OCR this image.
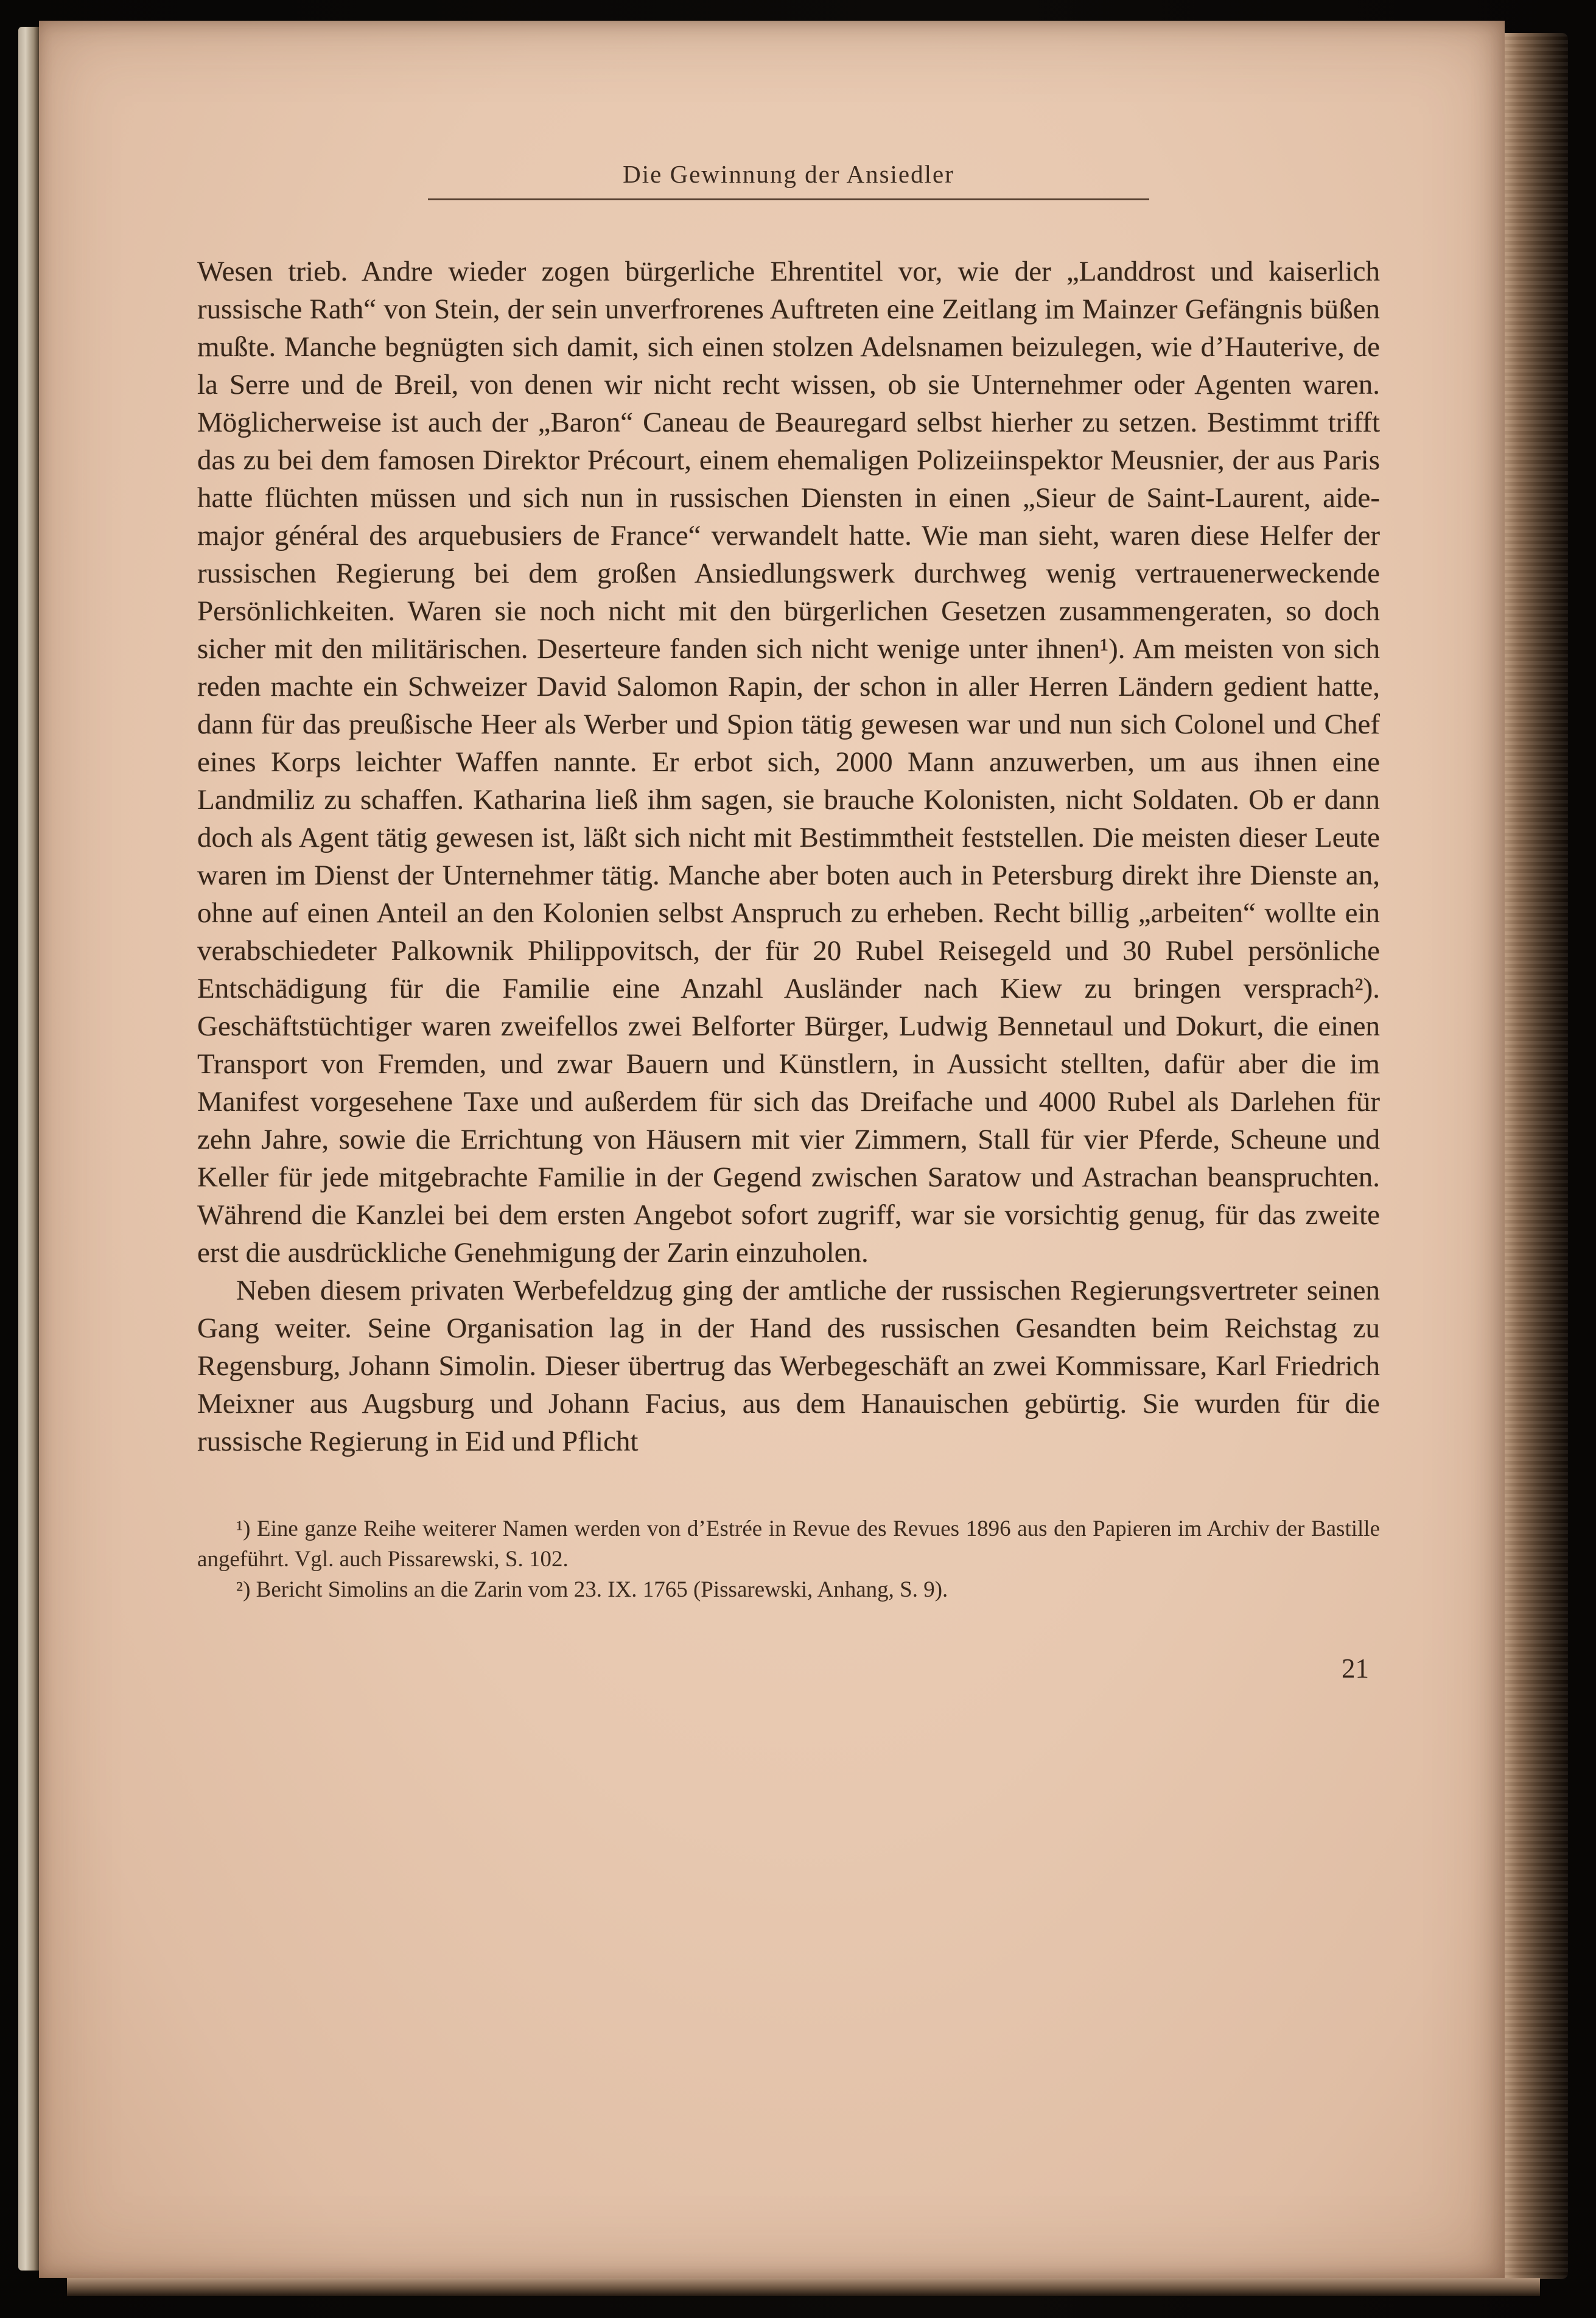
Die Gewinnung der Ansiedler

Wesen trieb. Andre wieder zogen bürgerliche Ehrentitel vor, wie der „Landdrost und kaiserlich russische Rath“ von Stein, der sein unverfrorenes Auftreten eine Zeitlang im Mainzer Gefängnis büßen mußte. Manche begnügten sich damit, sich einen stolzen Adelsnamen beizulegen, wie d’Hauterive, de la Serre und de Breil, von denen wir nicht recht wissen, ob sie Unternehmer oder Agenten waren. Möglicherweise ist auch der „Baron“ Caneau de Beauregard selbst hierher zu setzen. Bestimmt trifft das zu bei dem famosen Direktor Précourt, einem ehemaligen Polizeiinspektor Meusnier, der aus Paris hatte flüchten müssen und sich nun in russischen Diensten in einen „Sieur de Saint-Laurent, aide-major général des arquebusiers de France“ verwandelt hatte. Wie man sieht, waren diese Helfer der russischen Regierung bei dem großen Ansiedlungswerk durchweg wenig vertrauenerweckende Persönlichkeiten. Waren sie noch nicht mit den bürgerlichen Gesetzen zusammengeraten, so doch sicher mit den militärischen. Deserteure fanden sich nicht wenige unter ihnen¹). Am meisten von sich reden machte ein Schweizer David Salomon Rapin, der schon in aller Herren Ländern gedient hatte, dann für das preußische Heer als Werber und Spion tätig gewesen war und nun sich Colonel und Chef eines Korps leichter Waffen nannte. Er erbot sich, 2000 Mann anzuwerben, um aus ihnen eine Landmiliz zu schaffen. Katharina ließ ihm sagen, sie brauche Kolonisten, nicht Soldaten. Ob er dann doch als Agent tätig gewesen ist, läßt sich nicht mit Bestimmtheit feststellen. Die meisten dieser Leute waren im Dienst der Unternehmer tätig. Manche aber boten auch in Petersburg direkt ihre Dienste an, ohne auf einen Anteil an den Kolonien selbst Anspruch zu erheben. Recht billig „arbeiten“ wollte ein verabschiedeter Palkownik Philippovitsch, der für 20 Rubel Reisegeld und 30 Rubel persönliche Entschädigung für die Familie eine Anzahl Ausländer nach Kiew zu bringen versprach²). Geschäftstüchtiger waren zweifellos zwei Belforter Bürger, Ludwig Bennetaul und Dokurt, die einen Transport von Fremden, und zwar Bauern und Künstlern, in Aussicht stellten, dafür aber die im Manifest vorgesehene Taxe und außerdem für sich das Dreifache und 4000 Rubel als Darlehen für zehn Jahre, sowie die Errichtung von Häusern mit vier Zimmern, Stall für vier Pferde, Scheune und Keller für jede mitgebrachte Familie in der Gegend zwischen Saratow und Astrachan beanspruchten. Während die Kanzlei bei dem ersten Angebot sofort zugriff, war sie vorsichtig genug, für das zweite erst die ausdrückliche Genehmigung der Zarin einzuholen.

Neben diesem privaten Werbefeldzug ging der amtliche der russischen Regierungsvertreter seinen Gang weiter. Seine Organisation lag in der Hand des russischen Gesandten beim Reichstag zu Regensburg, Johann Simolin. Dieser übertrug das Werbegeschäft an zwei Kommissare, Karl Friedrich Meixner aus Augsburg und Johann Facius, aus dem Hanauischen gebürtig. Sie wurden für die russische Regierung in Eid und Pflicht

¹) Eine ganze Reihe weiterer Namen werden von d’Estrée in Revue des Revues 1896 aus den Papieren im Archiv der Bastille angeführt. Vgl. auch Pissarewski, S. 102.

²) Bericht Simolins an die Zarin vom 23. IX. 1765 (Pissarewski, Anhang, S. 9).

21
